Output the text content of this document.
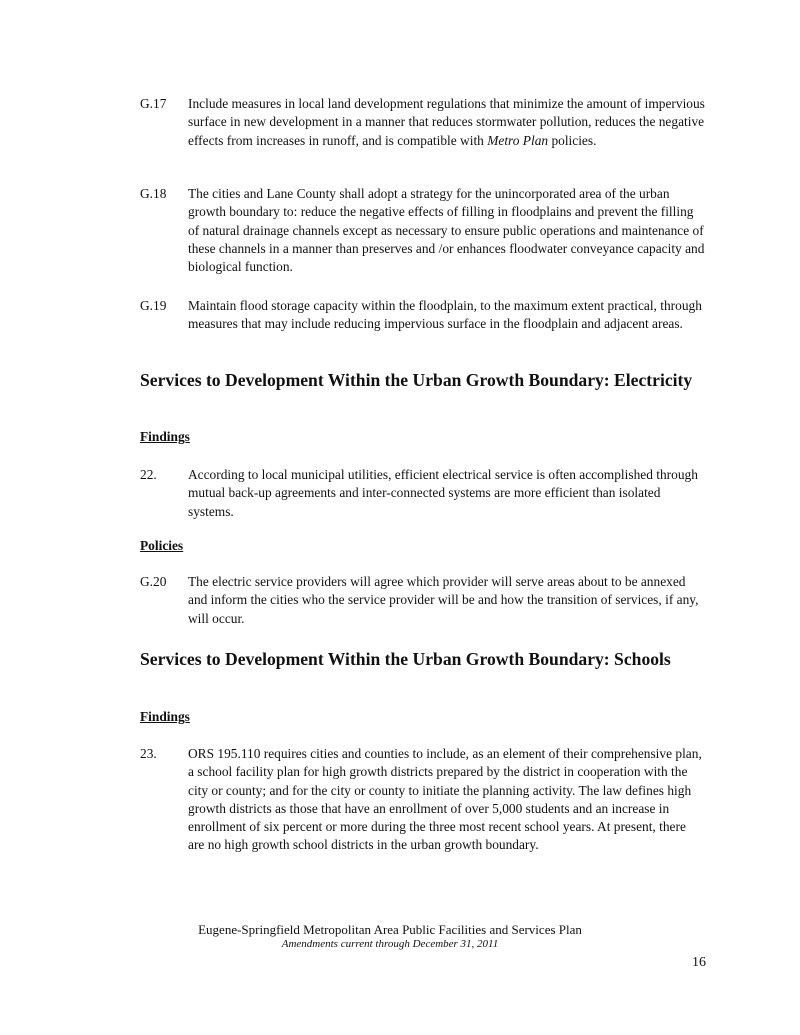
G.17 Include measures in local land development regulations that minimize the amount of impervious surface in new development in a manner that reduces stormwater pollution, reduces the negative effects from increases in runoff, and is compatible with Metro Plan policies.
G.18 The cities and Lane County shall adopt a strategy for the unincorporated area of the urban growth boundary to: reduce the negative effects of filling in floodplains and prevent the filling of natural drainage channels except as necessary to ensure public operations and maintenance of these channels in a manner than preserves and /or enhances floodwater conveyance capacity and biological function.
G.19 Maintain flood storage capacity within the floodplain, to the maximum extent practical, through measures that may include reducing impervious surface in the floodplain and adjacent areas.
Services to Development Within the Urban Growth Boundary: Electricity
Findings
22. According to local municipal utilities, efficient electrical service is often accomplished through mutual back-up agreements and inter-connected systems are more efficient than isolated systems.
Policies
G.20 The electric service providers will agree which provider will serve areas about to be annexed and inform the cities who the service provider will be and how the transition of services, if any, will occur.
Services to Development Within the Urban Growth Boundary: Schools
Findings
23. ORS 195.110 requires cities and counties to include, as an element of their comprehensive plan, a school facility plan for high growth districts prepared by the district in cooperation with the city or county; and for the city or county to initiate the planning activity. The law defines high growth districts as those that have an enrollment of over 5,000 students and an increase in enrollment of six percent or more during the three most recent school years. At present, there are no high growth school districts in the urban growth boundary.
Eugene-Springfield Metropolitan Area Public Facilities and Services Plan
Amendments current through December 31, 2011
16
